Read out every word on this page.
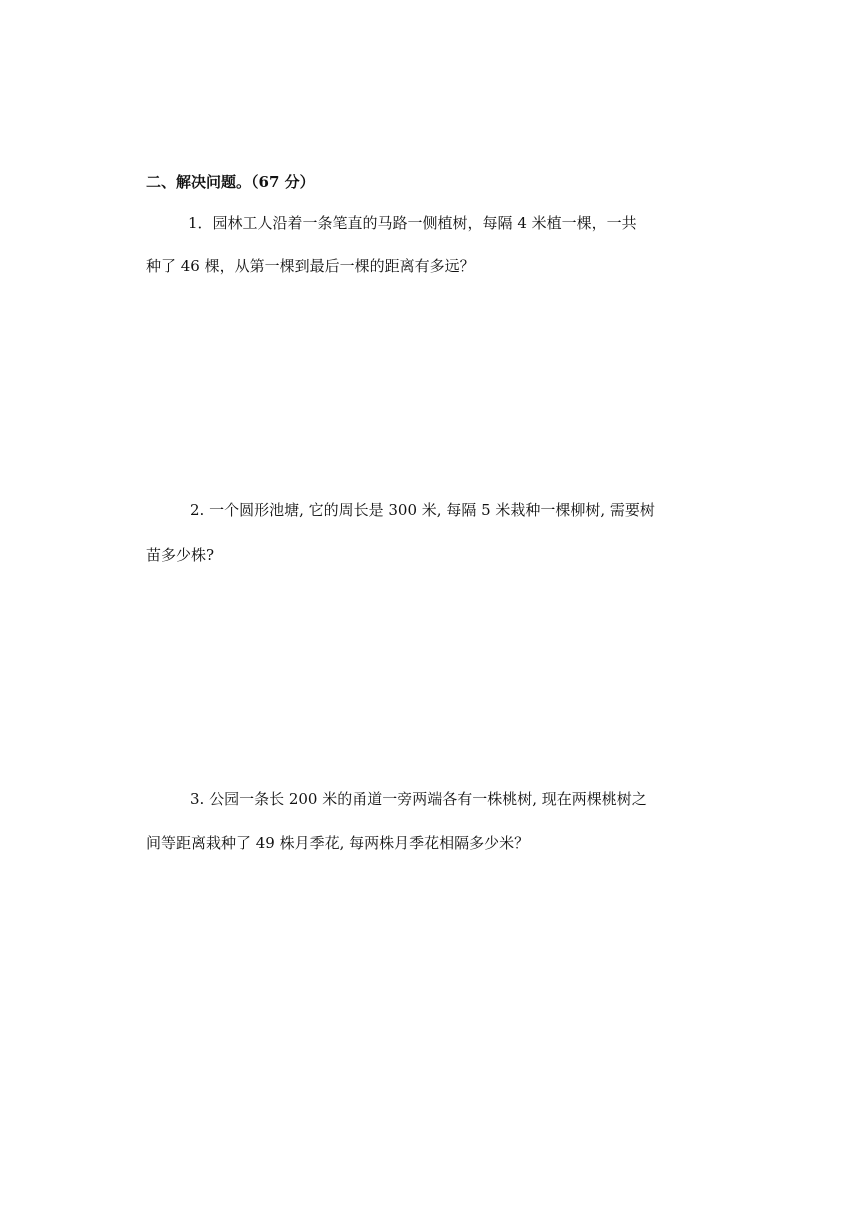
二、解决问题。（67 分）
1．园林工人沿着一条笔直的马路一侧植树，每隔 4 米植一棵，一共
种了 46 棵，从第一棵到最后一棵的距离有多远？
2. 一个圆形池塘, 它的周长是 300 米, 每隔 5 米栽种一棵柳树, 需要树
苗多少株?
3. 公园一条长 200 米的甬道一旁两端各有一株桃树, 现在两棵桃树之
间等距离栽种了 49 株月季花, 每两株月季花相隔多少米？
